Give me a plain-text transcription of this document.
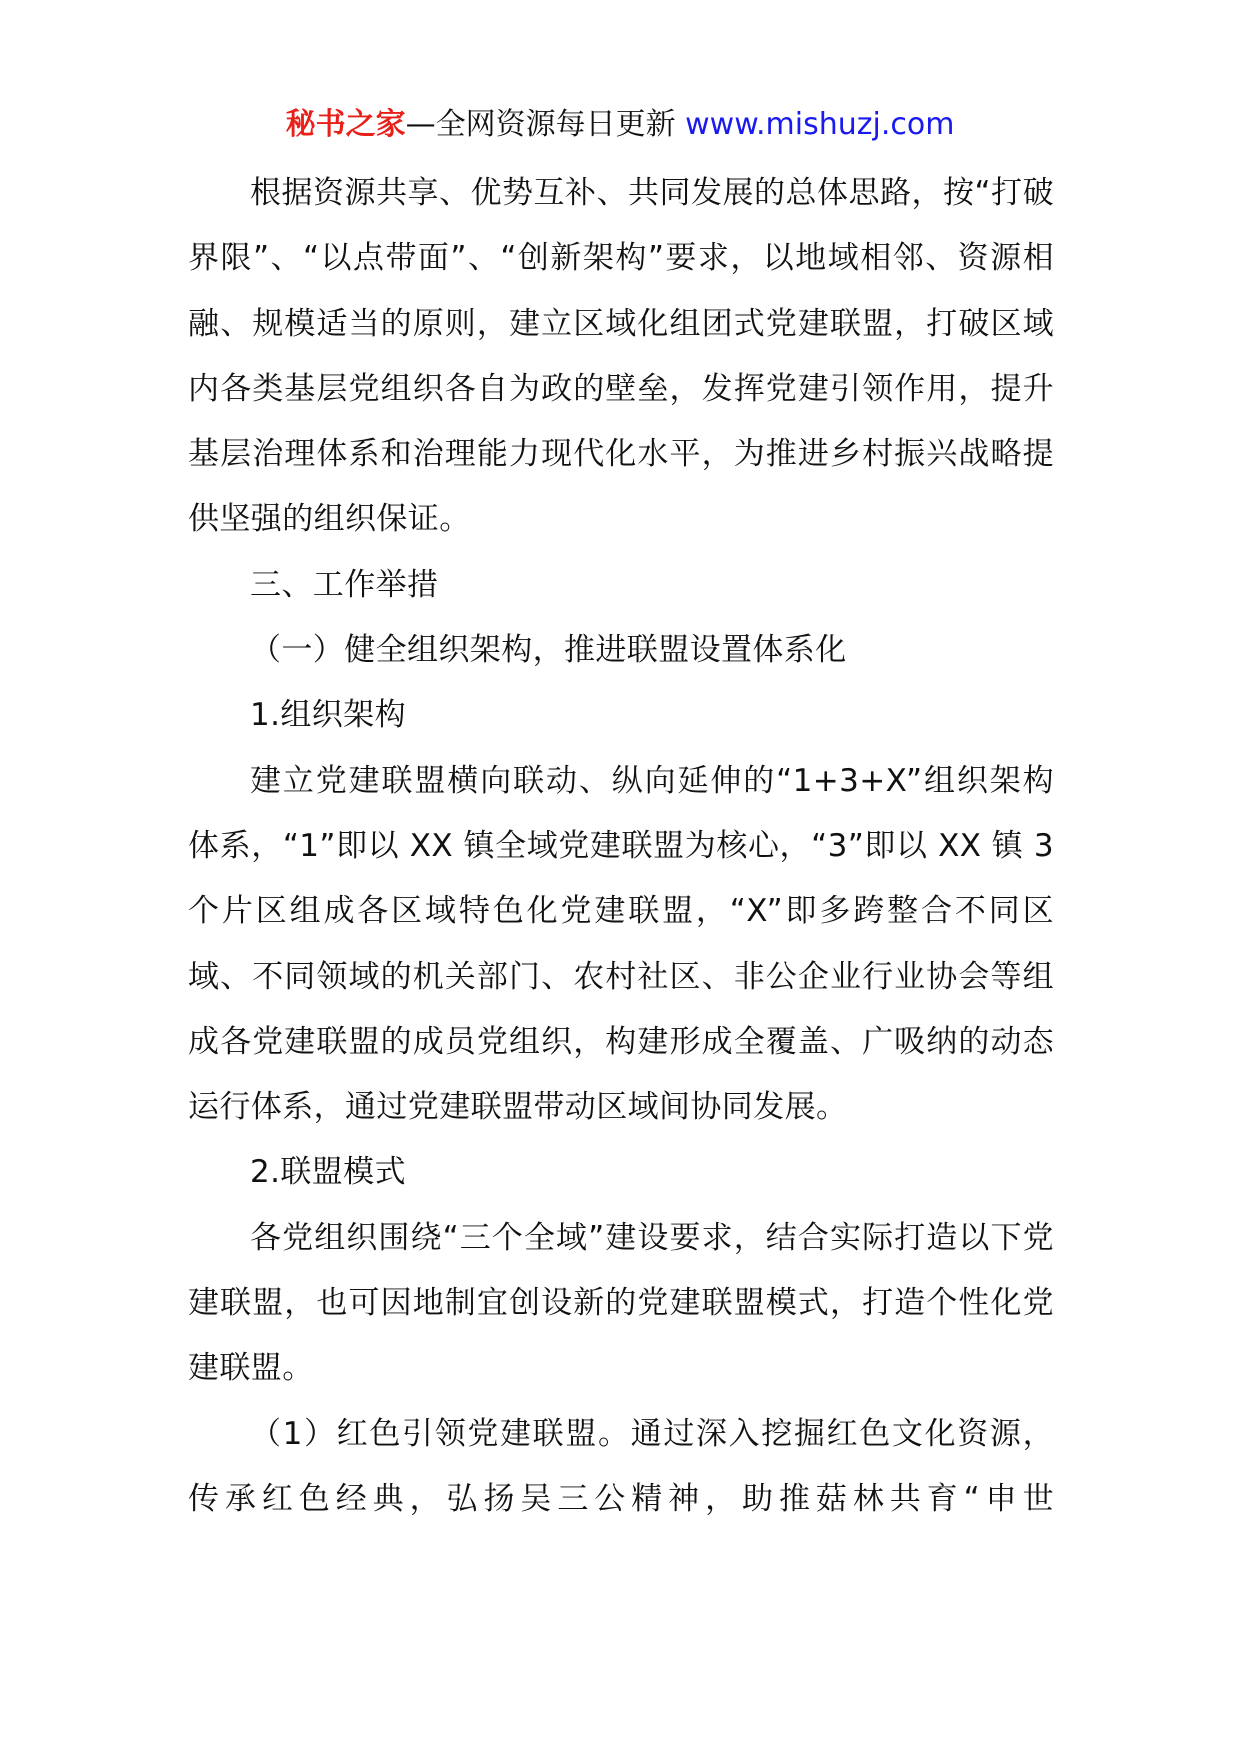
秘书之家—全网资源每日更新 www.mishuzj.com

根据资源共享、优势互补、共同发展的总体思路，按“打破界限”、“以点带面”、“创新架构”要求，以地域相邻、资源相融、规模适当的原则，建立区域化组团式党建联盟，打破区域内各类基层党组织各自为政的壁垒，发挥党建引领作用，提升基层治理体系和治理能力现代化水平，为推进乡村振兴战略提供坚强的组织保证。

三、工作举措

（一）健全组织架构，推进联盟设置体系化

1.组织架构

建立党建联盟横向联动、纵向延伸的“1+3+X”组织架构体系，“1”即以 XX 镇全域党建联盟为核心，“3”即以 XX 镇 3 个片区组成各区域特色化党建联盟，“X”即多跨整合不同区域、不同领域的机关部门、农村社区、非公企业行业协会等组成各党建联盟的成员党组织，构建形成全覆盖、广吸纳的动态运行体系，通过党建联盟带动区域间协同发展。

2.联盟模式

各党组织围绕“三个全域”建设要求，结合实际打造以下党建联盟，也可因地制宜创设新的党建联盟模式，打造个性化党建联盟。

（1）红色引领党建联盟。通过深入挖掘红色文化资源，传承红色经典，弘扬吴三公精神，助推菇林共育“申世
